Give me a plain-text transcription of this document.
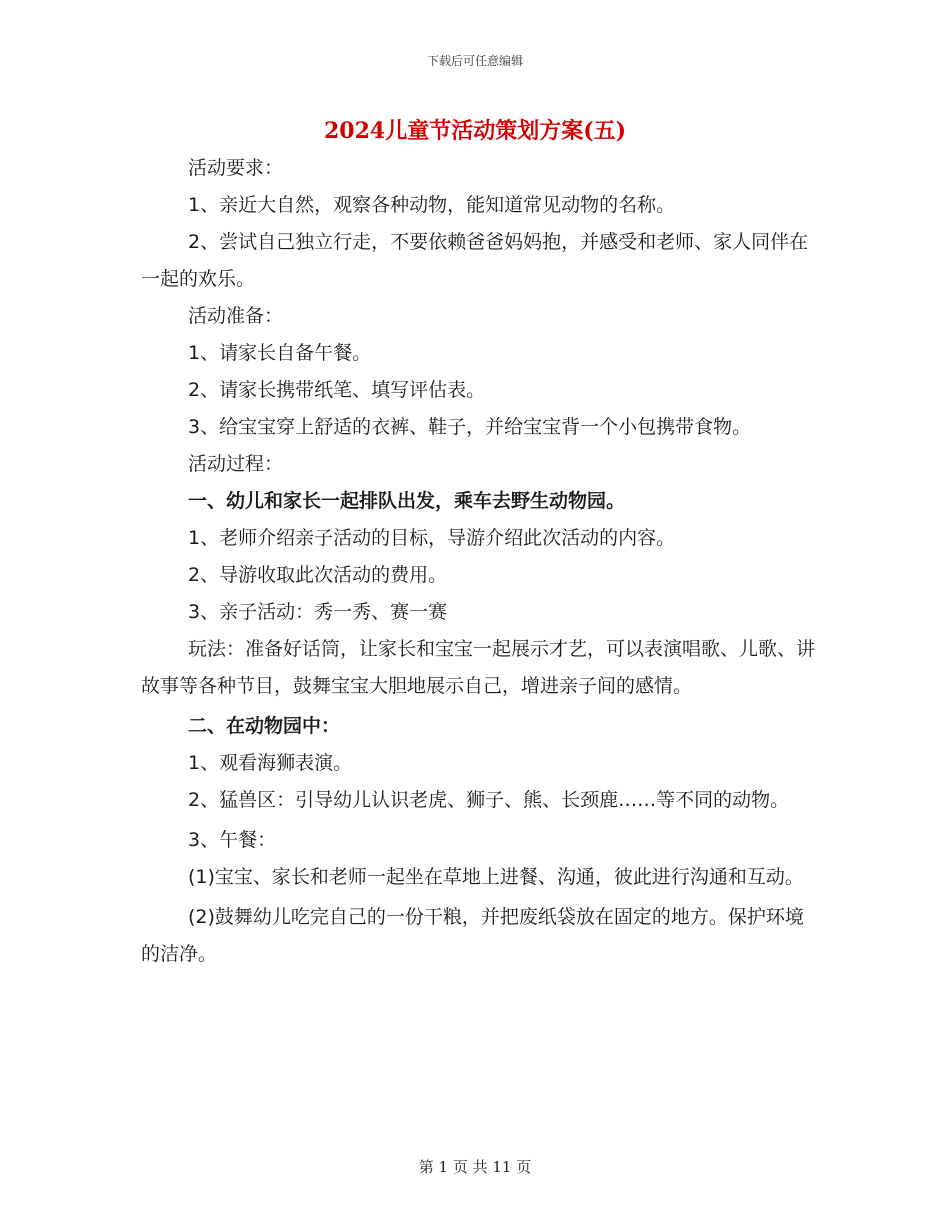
下载后可任意编辑
2024儿童节活动策划方案(五)

活动要求：

1、亲近大自然，观察各种动物，能知道常见动物的名称。

2、尝试自己独立行走，不要依赖爸爸妈妈抱，并感受和老师、家人同伴在一起的欢乐。

活动准备：

1、请家长自备午餐。

2、请家长携带纸笔、填写评估表。

3、给宝宝穿上舒适的衣裤、鞋子，并给宝宝背一个小包携带食物。

活动过程：

一、幼儿和家长一起排队出发，乘车去野生动物园。

1、老师介绍亲子活动的目标，导游介绍此次活动的内容。

2、导游收取此次活动的费用。

3、亲子活动：秀一秀、赛一赛

玩法：准备好话筒，让家长和宝宝一起展示才艺，可以表演唱歌、儿歌、讲故事等各种节目，鼓舞宝宝大胆地展示自己，增进亲子间的感情。

二、在动物园中：

1、观看海狮表演。

2、猛兽区：引导幼儿认识老虎、狮子、熊、长颈鹿……等不同的动物。

3、午餐：

(1)宝宝、家长和老师一起坐在草地上进餐、沟通，彼此进行沟通和互动。

(2)鼓舞幼儿吃完自己的一份干粮，并把废纸袋放在固定的地方。保护环境的洁净。

第 1 页 共 11 页
